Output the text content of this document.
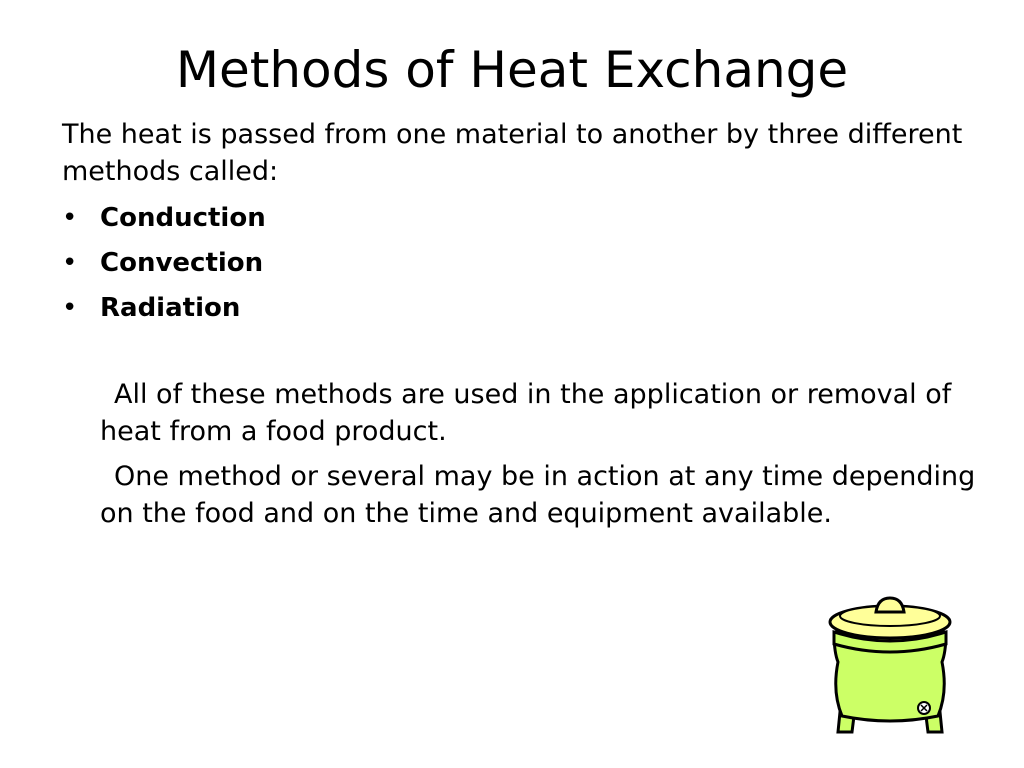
Methods of Heat Exchange
The heat is passed from one material to another by three different methods called:
• Conduction
• Convection
• Radiation
All of these methods are used in the application or removal of heat from a food product.
One method or several may be in action at any time depending on the food and on the time and equipment available.
